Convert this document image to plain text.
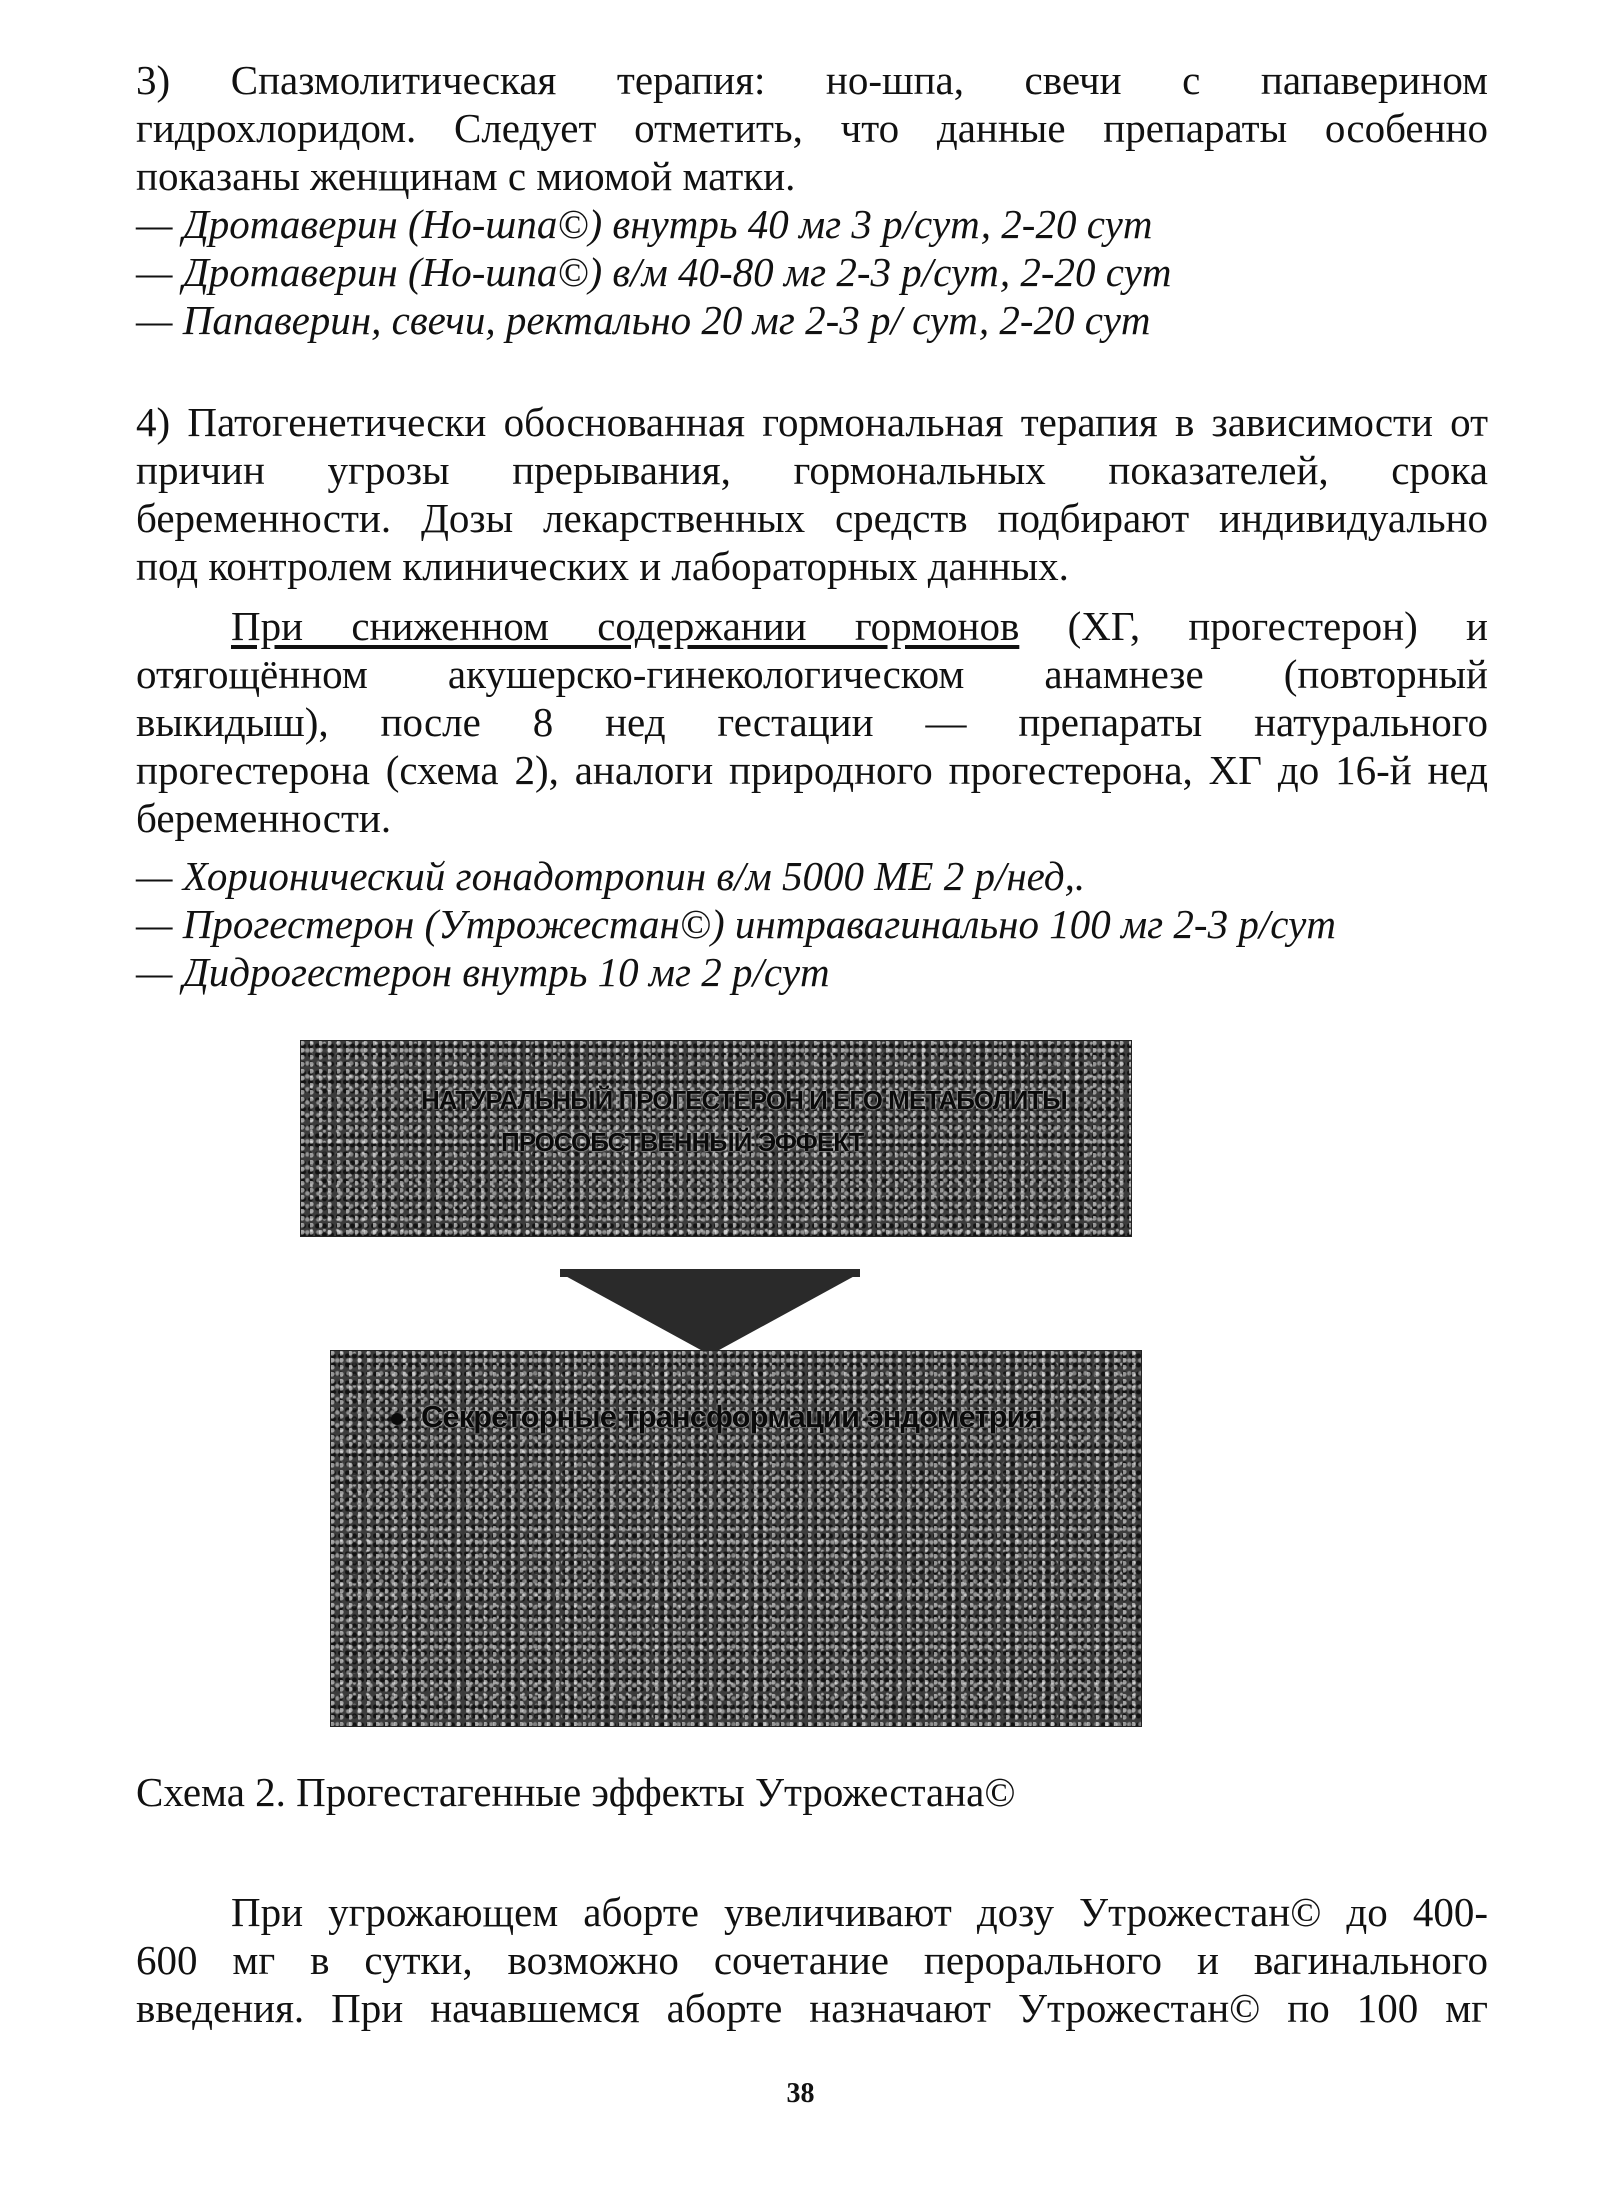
3) Спазмолитическая терапия: но-шпа, свечи с папаверином
гидрохлоридом. Следует отметить, что данные препараты особенно
показаны женщинам с миомой матки.
— Дротаверин (Но-шпа©) внутрь 40 мг 3 р/сут, 2-20 сут
— Дротаверин (Но-шпа©) в/м 40-80 мг 2-3 р/сут, 2-20 сут
— Папаверин, свечи, ректально 20 мг 2-3 р/ сут, 2-20 сут
4) Патогенетически обоснованная гормональная терапия в зависимости от
причин угрозы прерывания, гормональных показателей, срока
беременности. Дозы лекарственных средств подбирают индивидуально
под контролем клинических и лабораторных данных.
При сниженном содержании гормонов (ХГ, прогестерон) и
отягощённом акушерско-гинекологическом анамнезе (повторный
выкидыш), после 8 нед гестации — препараты натурального
прогестерона (схема 2), аналоги природного прогестерона, ХГ до 16-й нед
беременности.
— Хорионический гонадотропин в/м 5000 МЕ 2 р/нед,.
— Прогестерон (Утрожестан©) интравагинально 100 мг 2-3 р/сут
— Дидрогестерон внутрь 10 мг 2 р/сут
НАТУРАЛЬНЫЙ ПРОГЕСТЕРОН И ЕГО МЕТАБОЛИТЫ
ПРОСОБСТВЕННЫЙ ЭФФЕКТ
Секреторные трансформации эндометрия
Схема 2. Прогестагенные эффекты Утрожестана©
При угрожающем аборте увеличивают дозу Утрожестан© до 400-
600 мг в сутки, возможно сочетание перорального и вагинального
введения. При начавшемся аборте назначают Утрожестан© по 100 мг
38
